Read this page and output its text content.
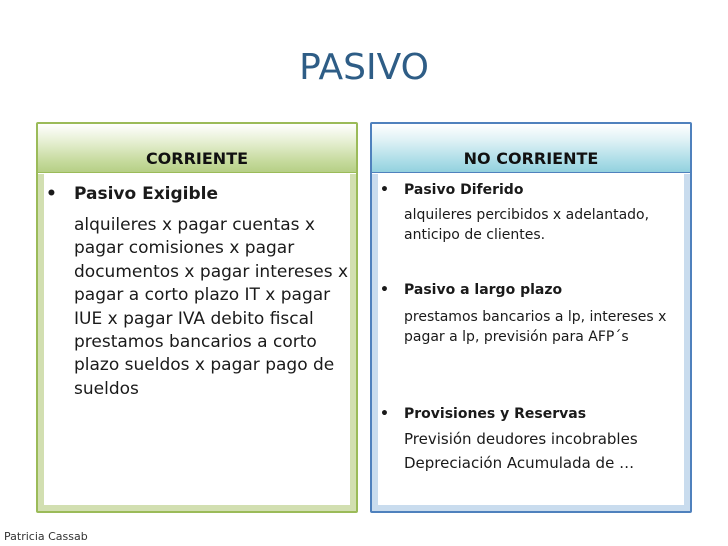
PASIVO
CORRIENTE
• Pasivo Exigible
alquileres x pagar cuentas x pagar comisiones x pagar documentos x pagar intereses x pagar a corto plazo IT x pagar IUE x pagar IVA debito fiscal prestamos bancarios a corto plazo sueldos x pagar pago de sueldos
NO CORRIENTE
• Pasivo Diferido
alquileres percibidos x adelantado, anticipo de clientes.
• Pasivo a largo plazo
prestamos bancarios a lp, intereses x pagar a lp, previsión para AFP´s
• Provisiones y Reservas
Previsión deudores incobrables
Depreciación Acumulada de …
Patricia Cassab
